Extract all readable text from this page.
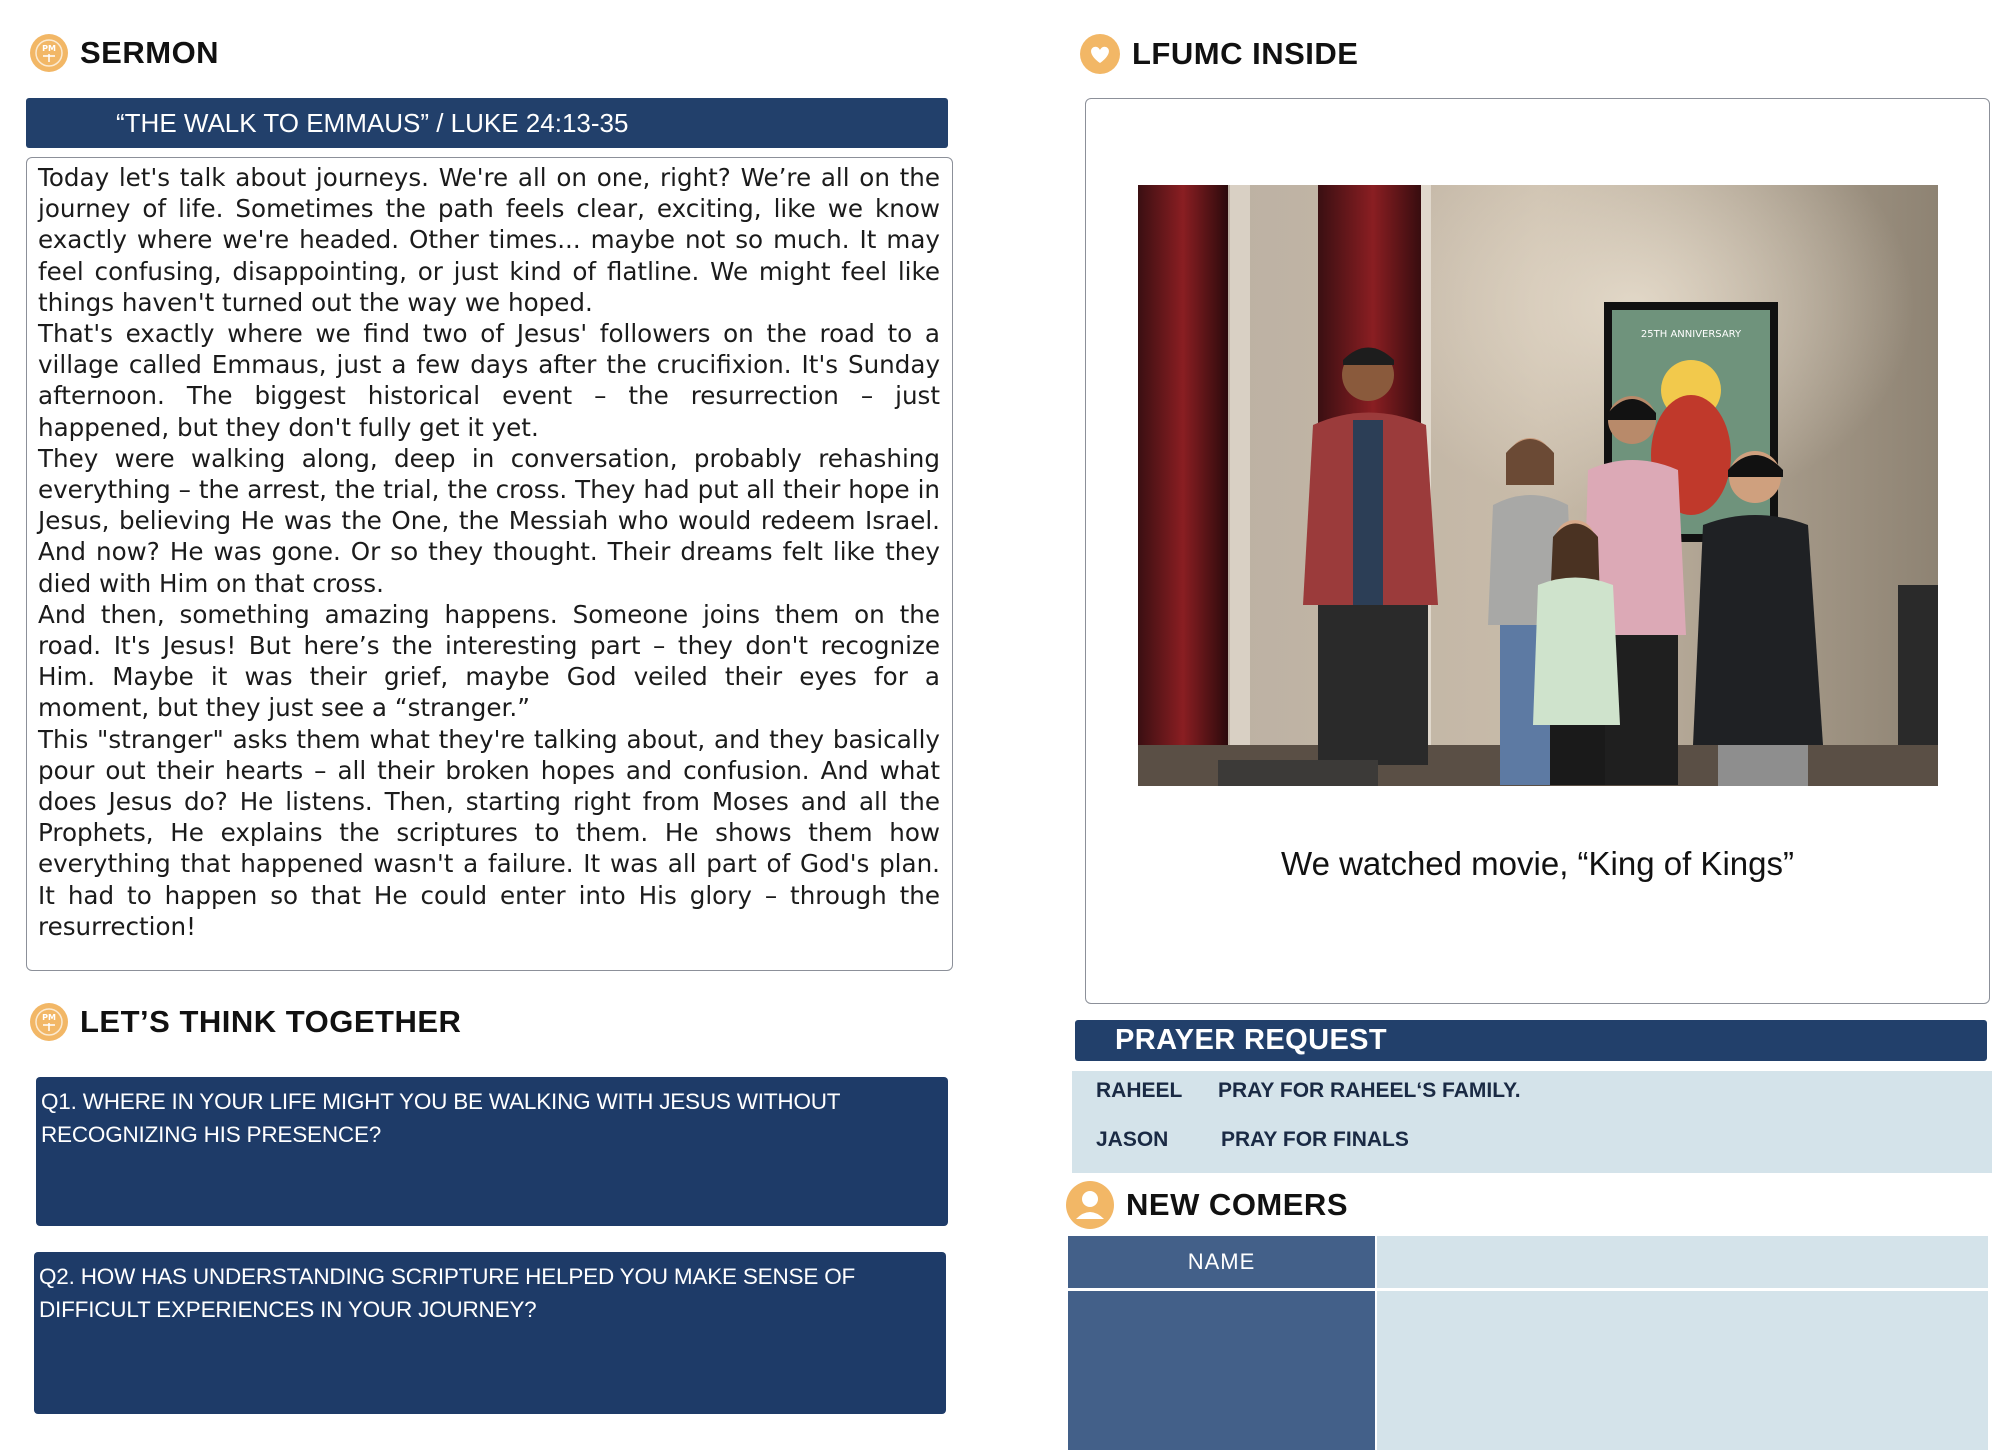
PM SERMON
“THE WALK TO EMMAUS” / LUKE 24:13-35

Today let's talk about journeys. We're all on one, right? We’re all on the journey of life. Sometimes the path feels clear, exciting, like we know exactly where we're headed. Other times... maybe not so much. It may feel confusing, disappointing, or just kind of flatline. We might feel like things haven't turned out the way we hoped.

That's exactly where we find two of Jesus' followers on the road to a village called Emmaus, just a few days after the crucifixion. It's Sunday afternoon. The biggest historical event – the resurrection – just happened, but they don't fully get it yet.

They were walking along, deep in conversation, probably rehashing everything – the arrest, the trial, the cross. They had put all their hope in Jesus, believing He was the One, the Messiah who would redeem Israel. And now? He was gone. Or so they thought. Their dreams felt like they died with Him on that cross.

And then, something amazing happens. Someone joins them on the road. It's Jesus! But here’s the interesting part – they don't recognize Him. Maybe it was their grief, maybe God veiled their eyes for a moment, but they just see a “stranger.”

This "stranger" asks them what they're talking about, and they basically pour out their hearts – all their broken hopes and confusion. And what does Jesus do? He listens. Then, starting right from Moses and all the Prophets, He explains the scriptures to them. He shows them how everything that happened wasn't a failure. It was all part of God's plan. It had to happen so that He could enter into His glory – through the resurrection!

PM LET’S THINK TOGETHER
Q1. WHERE IN YOUR LIFE MIGHT YOU BE WALKING WITH JESUS WITHOUT RECOGNIZING HIS PRESENCE?
Q2. HOW HAS UNDERSTANDING SCRIPTURE HELPED YOU MAKE SENSE OF DIFFICULT EXPERIENCES IN YOUR JOURNEY?
LFUMC INSIDE
25TH ANNIVERSARY
We watched movie, “King of Kings”
PRAYER REQUEST
RAHEEL PRAY FOR RAHEEL‘S FAMILY.
JASON	PRAY FOR FINALS
NEW COMERS
NAME
